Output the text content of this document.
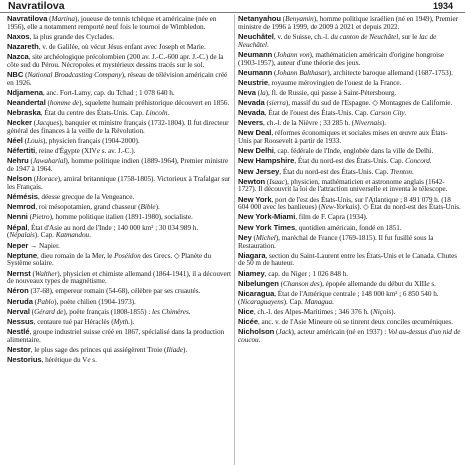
Navratilova	1934
Navratilova (Martina), joueuse de tennis tchèque et américaine (née en 1956), elle a notamment remporté neuf fois le tournoi de Wimbledon.
Naxos, la plus grande des Cyclades.
Nazareth, v. de Galilée, où vécut Jésus enfant avec Joseph et Marie.
Nazca, site archéologique précolombien (200 av. J.-C.-600 apr. J.-C.) de la côte sud du Pérou. Nécropoles et mystérieux dessins tracés sur le sol.
NBC (National Broadcasting Company), réseau de télévision américain créé en 1926.
Ndjamena, anc. Fort-Lamy, cap. du Tchad ; 1 078 640 h.
Neandertal (homme de), squelette humain préhistorique découvert en 1856.
Nebraska, État du centre des États-Unis. Cap. Lincoln.
Necker (Jacques), banquier et ministre français (1732-1804). Il fut directeur général des finances à la veille de la Révolution.
Néel (Louis), physicien français (1904-2000).
Néfertiti, reine d'Égypte (XIVe s. av. J.-C.).
Nehru (Jawaharlal), homme politique indien (1889-1964), Premier ministre de 1947 à 1964.
Nelson (Horace), amiral britannique (1758-1805). Victorieux à Trafalgar sur les Français.
Némésis, déesse grecque de la Vengeance.
Nemrod, roi mésopotamien, grand chasseur (Bible).
Nenni (Pietro), homme politique italien (1891-1980), socialiste.
Népal, État d'Asie au nord de l'Inde ; 140 000 km² ; 30 034 989 h. (Népalais). Cap. Katmandou.
Neper → Napier.
Neptune, dieu romain de la Mer, le Poséidon des Grecs. ◇ Planète du Système solaire.
Nernst (Walther), physicien et chimiste allemand (1864-1941), il a découvert de nouveaux types de magnétisme.
Néron (37-68), empereur romain (54-68), célèbre par ses cruautés.
Neruda (Pablo), poète chilien (1904-1973).
Nerval (Gérard de), poète français (1808-1855) : les Chimères.
Nessus, centaure tué par Héraclès (Myth.).
Nestlé, groupe industriel suisse créé en 1867, spécialisé dans la production alimentaire.
Nestor, le plus sage des princes qui assiégèrent Troie (Iliade).
Nestorius, hérétique du Ve s.
Netanyahou (Benyamin), homme politique israélien (né en 1949), Premier ministre de 1996 à 1999, de 2009 à 2021 et depuis 2022.
Neuchâtel, v. de Suisse, ch.-l. du canton de Neuchâtel, sur le lac de Neuchâtel.
Neumann (Johann von), mathématicien américain d'origine hongroise (1903-1957), auteur d'une théorie des jeux.
Neumann (Johann Balthasar), architecte baroque allemand (1687-1753).
Neustrie, royaume mérovingien de l'ouest de la France.
Neva (la), fl. de Russie, qui passe à Saint-Pétersbourg.
Nevada (sierra), massif du sud de l'Espagne. ◇ Montagnes de Californie.
Nevada, État de l'ouest des États-Unis. Cap. Carson City.
Nevers, ch.-l. de la Nièvre ; 33 285 h. (Nivernais).
New Deal, réformes économiques et sociales mises en œuvre aux États-Unis par Roosevelt à partir de 1933.
New Delhi, cap. fédérale de l'Inde, englobée dans la ville de Delhi.
New Hampshire, État du nord-est des États-Unis. Cap. Concord.
New Jersey, État du nord-est des États-Unis. Cap. Trenton.
Newton (Isaac), physicien, mathématicien et astronome anglais (1642-1727). Il découvrit la loi de l'attraction universelle et inventa le télescope.
New York, port de l'est des États-Unis, sur l'Atlantique ; 8 491 079 h. (18 604 000 avec les banlieues) (New-Yorkais). ◇ État du nord-est des États-Unis.
New York-Miami, film de F. Capra (1934).
New York Times, quotidien américain, fondé en 1851.
Ney (Michel), maréchal de France (1769-1815). Il fut fusillé sous la Restauration.
Niagara, section du Saint-Laurent entre les États-Unis et le Canada. Chutes de 50 m de hauteur.
Niamey, cap. du Niger ; 1 026 848 h.
Nibelungen (Chanson des), épopée allemande du début du XIIIe s.
Nicaragua, État de l'Amérique centrale ; 148 000 km² ; 6 850 540 h. (Nicaraguayens). Cap. Managua.
Nice, ch.-l. des Alpes-Maritimes ; 346 376 h. (Niçois).
Nicée, anc. v. de l'Asie Mineure où se tinrent deux conciles œcuméniques.
Nicholson (Jack), acteur américain (né en 1937) : Vol au-dessus d'un nid de coucou.
